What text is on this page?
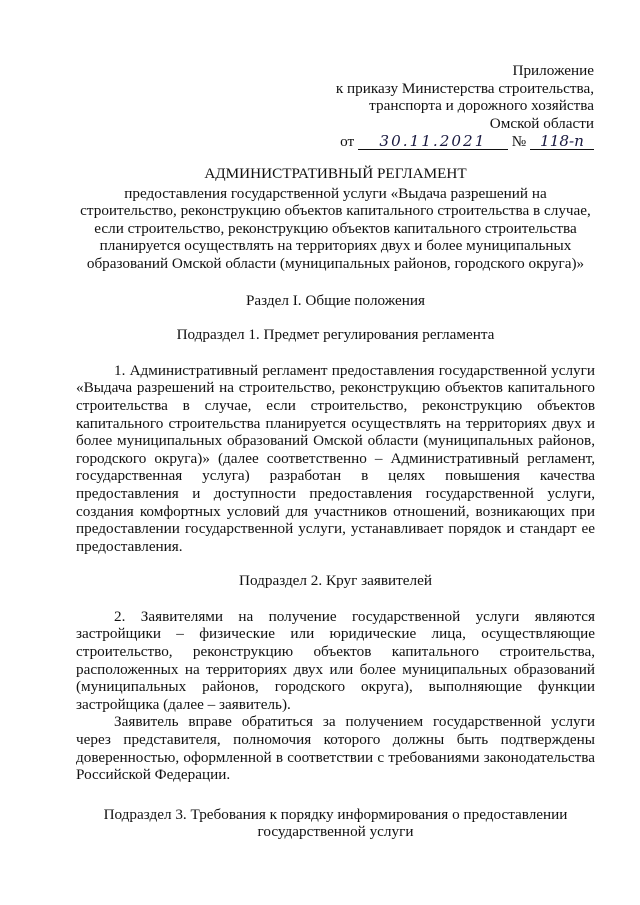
Приложение
к приказу Министерства строительства,
транспорта и дорожного хозяйства
Омской области
от 30.11.2021 № 118-п
АДМИНИСТРАТИВНЫЙ РЕГЛАМЕНТ
предоставления государственной услуги «Выдача разрешений на строительство, реконструкцию объектов капитального строительства в случае, если строительство, реконструкцию объектов капитального строительства планируется осуществлять на территориях двух и более муниципальных образований Омской области (муниципальных районов, городского округа)»
Раздел I. Общие положения
Подраздел 1. Предмет регулирования регламента
1. Административный регламент предоставления государственной услуги «Выдача разрешений на строительство, реконструкцию объектов капитального строительства в случае, если строительство, реконструкцию объектов капитального строительства планируется осуществлять на территориях двух и более муниципальных образований Омской области (муниципальных районов, городского округа)» (далее соответственно – Административный регламент, государственная услуга) разработан в целях повышения качества предоставления и доступности предоставления государственной услуги, создания комфортных условий для участников отношений, возникающих при предоставлении государственной услуги, устанавливает порядок и стандарт ее предоставления.
Подраздел 2. Круг заявителей
2. Заявителями на получение государственной услуги являются застройщики – физические или юридические лица, осуществляющие строительство, реконструкцию объектов капитального строительства, расположенных на территориях двух или более муниципальных образований (муниципальных районов, городского округа), выполняющие функции застройщика (далее – заявитель).
Заявитель вправе обратиться за получением государственной услуги через представителя, полномочия которого должны быть подтверждены доверенностью, оформленной в соответствии с требованиями законодательства Российской Федерации.
Подраздел 3. Требования к порядку информирования о предоставлении государственной услуги
